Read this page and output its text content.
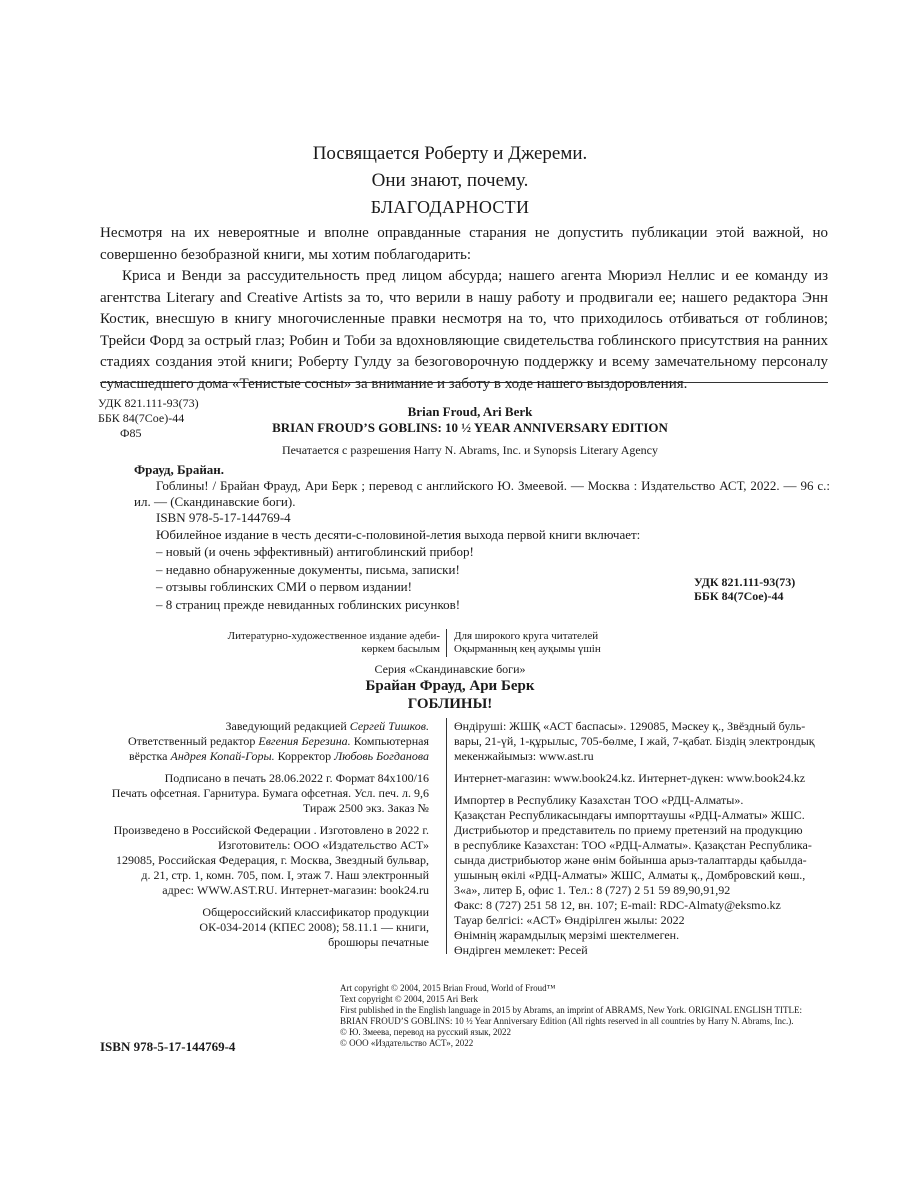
Посвящается Роберту и Джереми.
Они знают, почему.
БЛАГОДАРНОСТИ

Несмотря на их невероятные и вполне оправданные старания не допустить публикации этой важной, но совершенно безобразной книги, мы хотим поблагодарить:

Криса и Венди за рассудительность пред лицом абсурда; нашего агента Мюриэл Неллис и ее команду из агентства Literary and Creative Artists за то, что верили в нашу работу и продвигали ее; нашего редактора Энн Костик, внесшую в книгу многочисленные правки несмотря на то, что приходилось отбиваться от гоблинов; Трейси Форд за острый глаз; Робин и Тоби за вдохновляющие свидетельства гоблинского присутствия на ранних стадиях создания этой книги; Роберту Гулду за безоговорочную поддержку и всему замечательному персоналу сумасшедшего дома «Тенистые сосны» за внимание и заботу в ходе нашего выздоровления.

УДК 821.111-93(73)
ББК 84(7Сое)-44
Ф85
Brian Froud, Ari Berk
BRIAN FROUD’S GOBLINS: 10 ½ YEAR ANNIVERSARY EDITION
Печатается с разрешения Harry N. Abrams, Inc. и Synopsis Literary Agency
Фрауд, Брайан.
Гоблины! / Брайан Фрауд, Ари Берк ; перевод с английского Ю. Змеевой. — Москва : Издательство АСТ, 2022. — 96 с.: ил. — (Скандинавские боги).
ISBN 978-5-17-144769-4
Юбилейное издание в честь десяти-с-половиной-летия выхода первой книги включает:
– новый (и очень эффективный) антигоблинский прибор!
– недавно обнаруженные документы, письма, записки!
– отзывы гоблинских СМИ о первом издании!
– 8 страниц прежде невиданных гоблинских рисунков!
УДК 821.111-93(73)
ББК 84(7Сое)-44
Литературно-художественное издание әдеби-
көркем басылым
Для широкого круга читателей
Оқырманның кең ауқымы үшін
Серия «Скандинавские боги»
Брайан Фрауд, Ари Берк
ГОБЛИНЫ!
Заведующий редакцией Сергей Тишков.
Ответственный редактор Евгения Березина. Компьютерная
вёрстка Андрея Копай-Горы. Корректор Любовь Богданова
Подписано в печать 28.06.2022 г. Формат 84х100/16
Печать офсетная. Гарнитура. Бумага офсетная. Усл. печ. л. 9,6
Тираж 2500 экз. Заказ №
Произведено в Российской Федерации . Изготовлено в 2022 г.
Изготовитель: ООО «Издательство АСТ»
129085, Российская Федерация, г. Москва, Звездный бульвар,
д. 21, стр. 1, комн. 705, пом. I, этаж 7. Наш электронный
адрес: WWW.AST.RU. Интернет-магазин: book24.ru
Общероссийский классификатор продукции
ОК-034-2014 (КПЕС 2008); 58.11.1 — книги,
брошюры печатные
Өндіруші: ЖШҚ «АСТ баспасы». 129085, Мәскеу қ., Звёздный буль-
вары, 21-үй, 1-құрылыс, 705-бөлме, I жай, 7-қабат. Біздің электрондық
мекенжайымыз: www.ast.ru
Интернет-магазин: www.book24.kz. Интернет-дүкен: www.book24.kz
Импортер в Республику Казахстан ТОО «РДЦ-Алматы».
Қазақстан Республикасындағы импорттаушы «РДЦ-Алматы» ЖШС.
Дистрибьютор и представитель по приему претензий на продукцию
в республике Казахстан: ТОО «РДЦ-Алматы». Қазақстан Республика-
сында дистрибьютор және өнім бойынша арыз-талаптарды қабылда-
ушының өкілі «РДЦ-Алматы» ЖШС, Алматы қ., Домбровский көш.,
3«а», литер Б, офис 1. Тел.: 8 (727) 2 51 59 89,90,91,92
Факс: 8 (727) 251 58 12, вн. 107; E-mail: RDC-Almaty@eksmo.kz
Тауар белгісі: «АСТ» Өндірілген жылы: 2022
Өнімнің жарамдылық мерзімі шектелмеген.
Өндірген мемлекет: Ресей
Art copyright © 2004, 2015 Brian Froud, World of Froud™
Text copyright © 2004, 2015 Ari Berk
First published in the English language in 2015 by Abrams, an imprint of ABRAMS, New York. ORIGINAL ENGLISH TITLE:
BRIAN FROUD’S GOBLINS: 10 ½ Year Anniversary Edition (All rights reserved in all countries by Harry N. Abrams, Inc.).
© Ю. Змеева, перевод на русский язык, 2022
© ООО «Издательство АСТ», 2022
ISBN 978-5-17-144769-4
